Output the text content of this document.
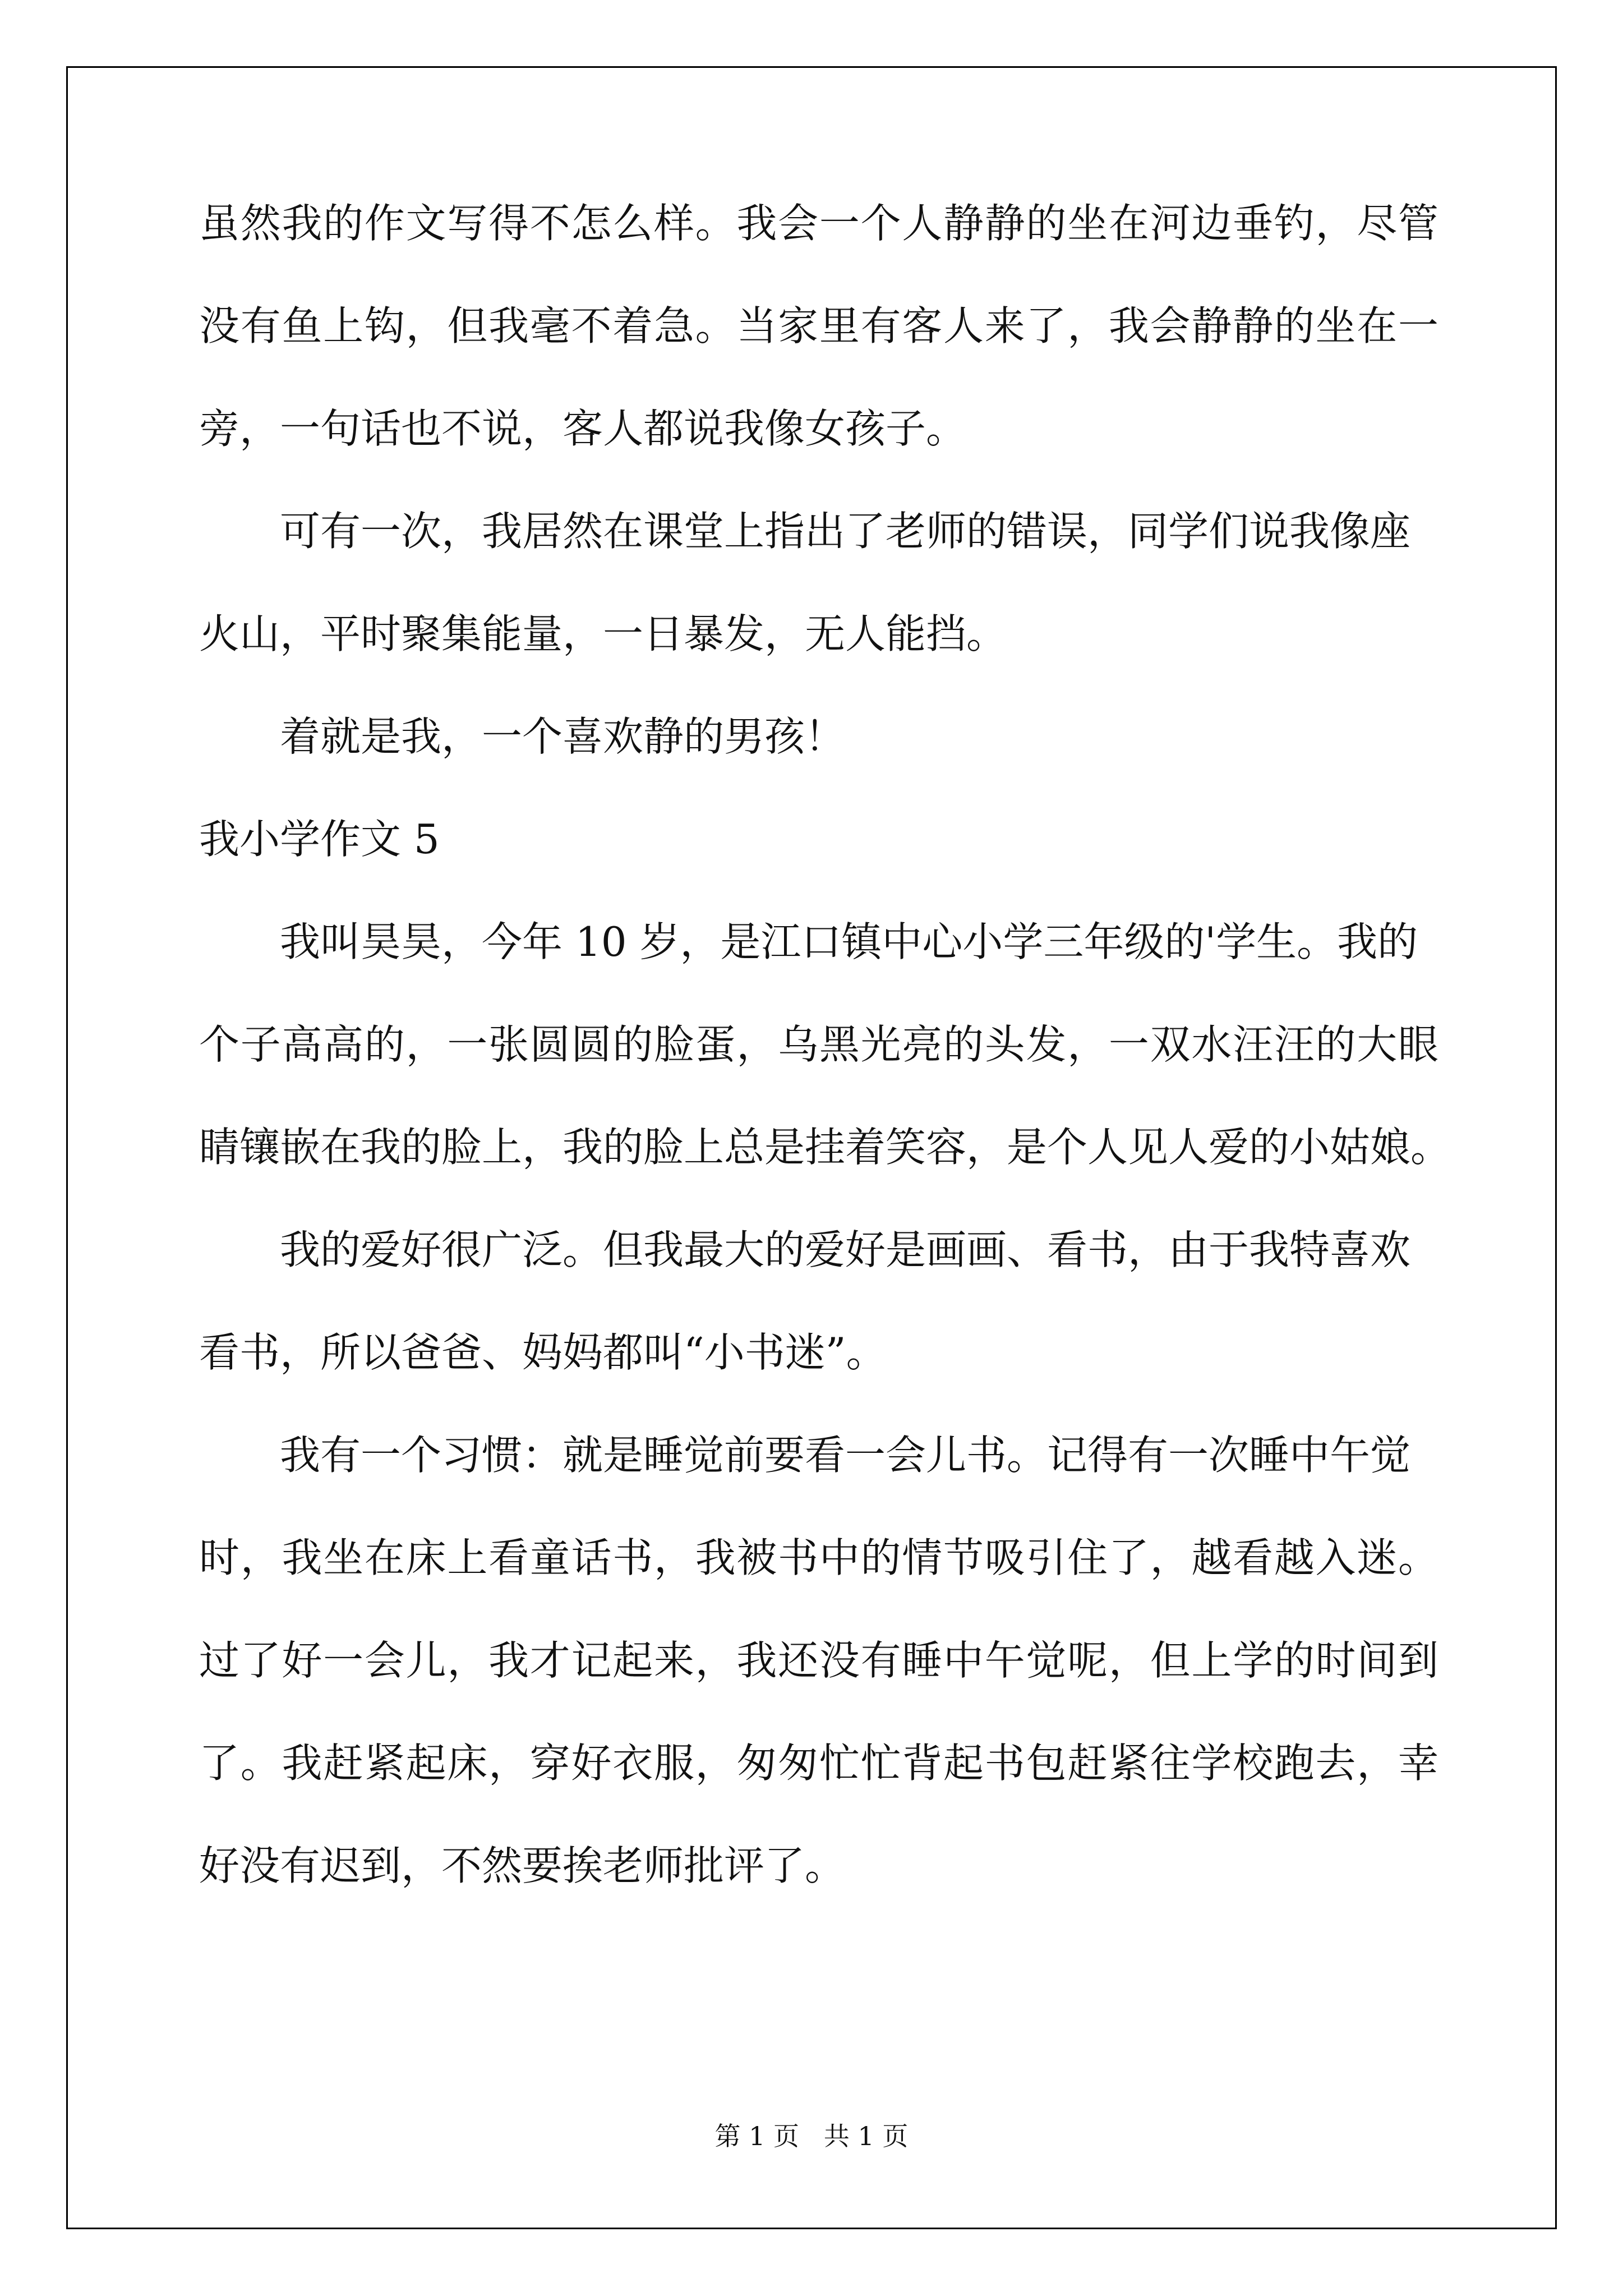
虽然我的作文写得不怎么样。我会一个人静静的坐在河边垂钓，尽管
没有鱼上钩，但我毫不着急。当家里有客人来了，我会静静的坐在一
旁，一句话也不说，客人都说我像女孩子。
可有一次，我居然在课堂上指出了老师的错误，同学们说我像座
火山，平时聚集能量，一日暴发，无人能挡。
着就是我，一个喜欢静的男孩！
我小学作文 5
我叫昊昊，今年 10 岁，是江口镇中心小学三年级的'学生。我的
个子高高的，一张圆圆的脸蛋，乌黑光亮的头发，一双水汪汪的大眼
睛镶嵌在我的脸上，我的脸上总是挂着笑容，是个人见人爱的小姑娘。
我的爱好很广泛。但我最大的爱好是画画、看书，由于我特喜欢
看书，所以爸爸、妈妈都叫“小书迷”。
我有一个习惯：就是睡觉前要看一会儿书。记得有一次睡中午觉
时，我坐在床上看童话书，我被书中的情节吸引住了，越看越入迷。
过了好一会儿，我才记起来，我还没有睡中午觉呢，但上学的时间到
了。我赶紧起床，穿好衣服，匆匆忙忙背起书包赶紧往学校跑去，幸
好没有迟到，不然要挨老师批评了。
第 1 页   共 1 页
